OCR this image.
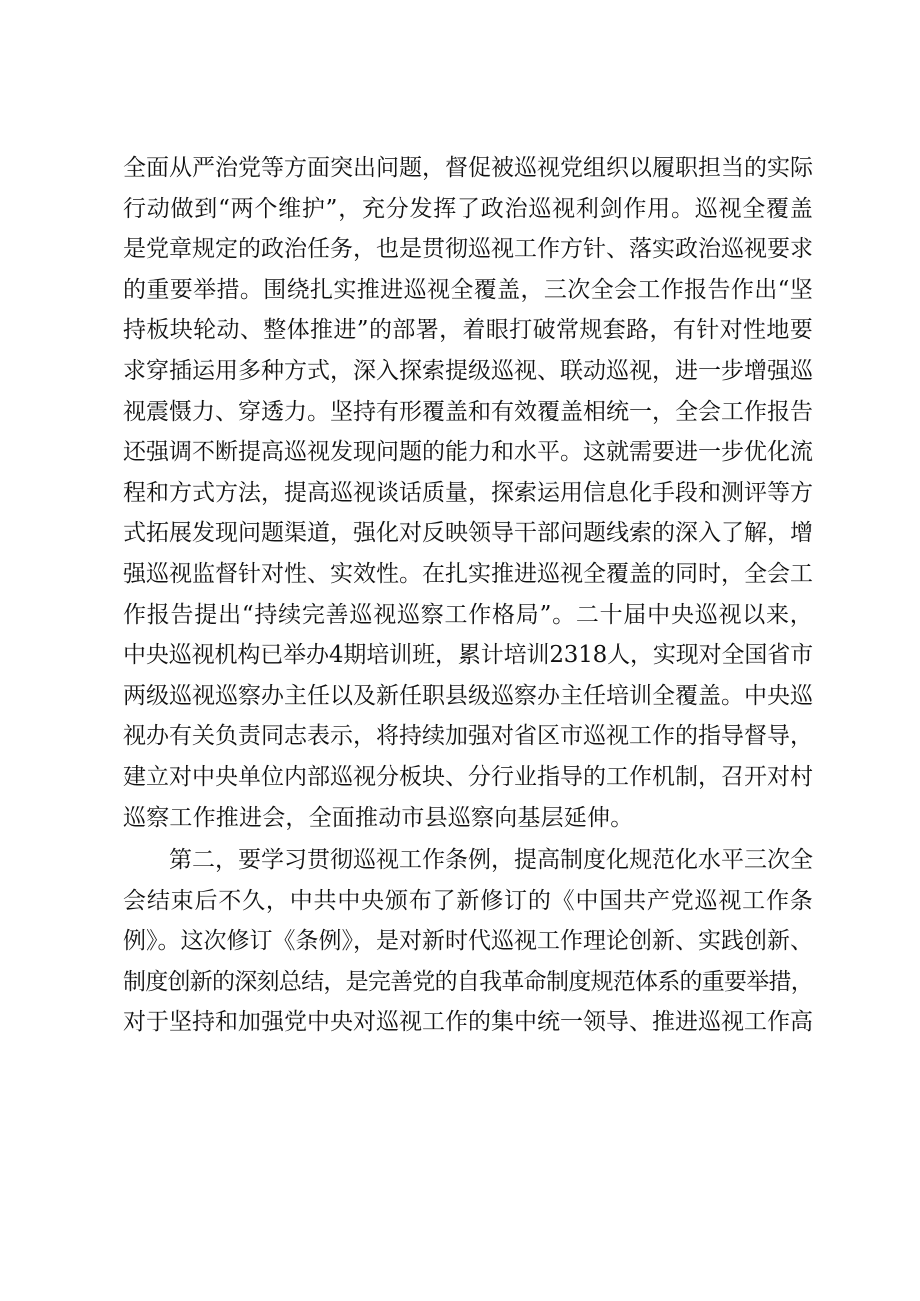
全面从严治党等方面突出问题，督促被巡视党组织以履职担当的实际
行动做到“两个维护”，充分发挥了政治巡视利剑作用。巡视全覆盖
是党章规定的政治任务，也是贯彻巡视工作方针、落实政治巡视要求
的重要举措。围绕扎实推进巡视全覆盖，三次全会工作报告作出“坚
持板块轮动、整体推进”的部署，着眼打破常规套路，有针对性地要
求穿插运用多种方式，深入探索提级巡视、联动巡视，进一步增强巡
视震慑力、穿透力。坚持有形覆盖和有效覆盖相统一，全会工作报告
还强调不断提高巡视发现问题的能力和水平。这就需要进一步优化流
程和方式方法，提高巡视谈话质量，探索运用信息化手段和测评等方
式拓展发现问题渠道，强化对反映领导干部问题线索的深入了解，增
强巡视监督针对性、实效性。在扎实推进巡视全覆盖的同时，全会工
作报告提出“持续完善巡视巡察工作格局”。二十届中央巡视以来，
中央巡视机构已举办4期培训班，累计培训2318人，实现对全国省市
两级巡视巡察办主任以及新任职县级巡察办主任培训全覆盖。中央巡
视办有关负责同志表示，将持续加强对省区市巡视工作的指导督导，
建立对中央单位内部巡视分板块、分行业指导的工作机制，召开对村
巡察工作推进会，全面推动市县巡察向基层延伸。
第二，要学习贯彻巡视工作条例，提高制度化规范化水平三次全
会结束后不久，中共中央颁布了新修订的《中国共产党巡视工作条
例》。这次修订《条例》，是对新时代巡视工作理论创新、实践创新、
制度创新的深刻总结，是完善党的自我革命制度规范体系的重要举措，
对于坚持和加强党中央对巡视工作的集中统一领导、推进巡视工作高
